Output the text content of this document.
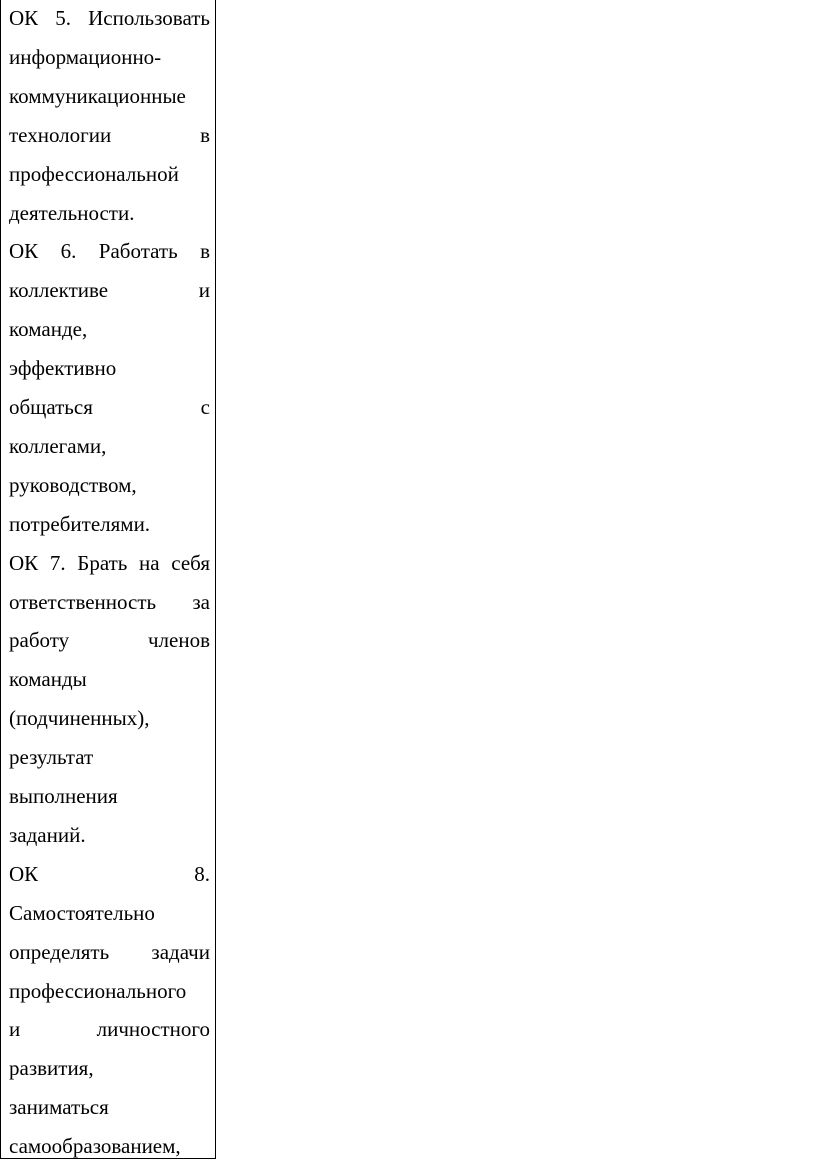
ОК 5. Использовать
информационно-
коммуникационные
технологии	в
профессиональной
деятельности.
ОК 6. Работать в
коллективе	и
команде,
эффективно
общаться	с
коллегами,
руководством,
потребителями.
ОК 7. Брать на себя
ответственность за
работу	членов
команды
(подчиненных),
результат
выполнения
заданий.
ОК	8.
Самостоятельно
определять задачи
профессионального
и	личностного
развития,
заниматься
самообразованием,
